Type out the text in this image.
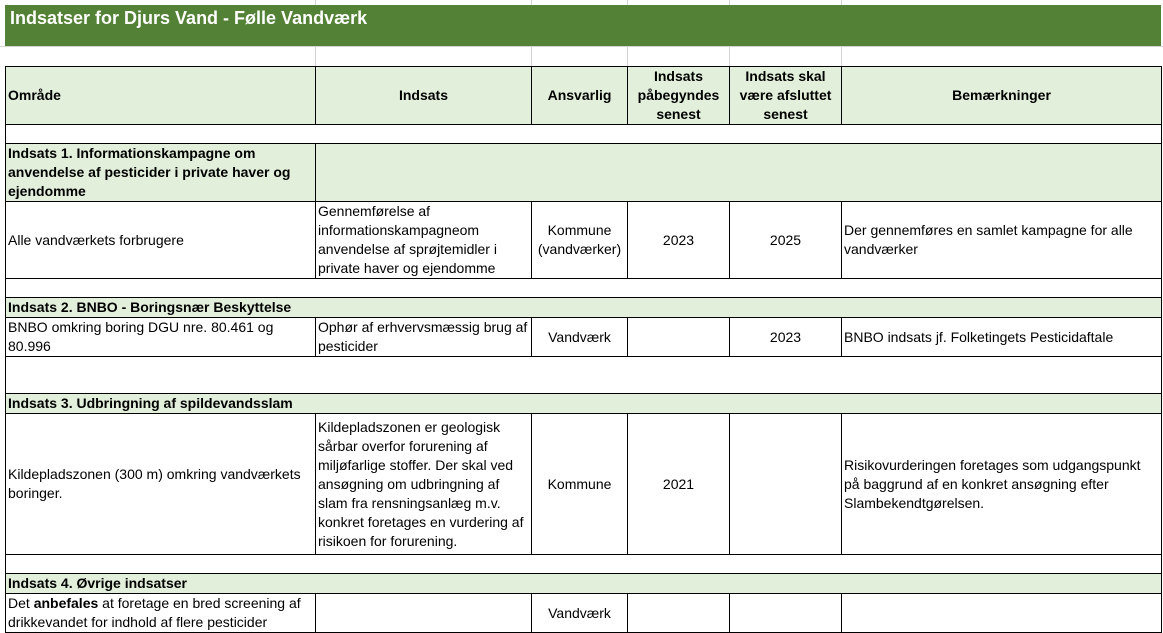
Indsatser for Djurs Vand - Følle Vandværk
Område	Indsats	Ansvarlig	Indsats påbegyndes senest	Indsats skal være afsluttet senest	Bemærkninger

Indsats 1. Informationskampagne om anvendelse af pesticider i private haver og ejendomme					
Alle vandværkets forbrugere	Gennemførelse af informationskampagneom anvendelse af sprøjtemidler i private haver og ejendomme	Kommune (vandværker)	2023	2025	Der gennemføres en samlet kampagne for alle vandværker

Indsats 2. BNBO - Boringsnær Beskyttelse					
BNBO omkring boring DGU nre. 80.461 og 80.996	Ophør af erhvervsmæssig brug af pesticider	Vandværk		2023	BNBO indsats jf. Folketingets Pesticidaftale

Indsats 3. Udbringning af spildevandsslam					
Kildepladszonen (300 m) omkring vandværkets boringer.	Kildepladszonen er geologisk sårbar overfor forurening af miljøfarlige stoffer. Der skal ved ansøgning om udbringning af slam fra rensningsanlæg m.v. konkret foretages en vurdering af risikoen for forurening.	Kommune	2021		Risikovurderingen foretages som udgangspunkt på baggrund af en konkret ansøgning efter Slambekendtgørelsen.

Indsats 4. Øvrige indsatser					
Det anbefales at foretage en bred screening af drikkevandet for indhold af flere pesticider		Vandværk			
